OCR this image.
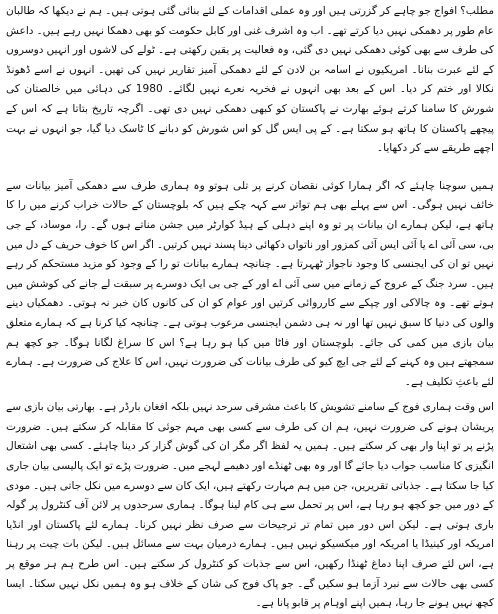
مطلب؟ افواج جو چاہے کر گزرتی ہیں اور وہ عملی اقدامات کے لئے بنائی گئی ہوتی ہیں۔ ہم نے دیکھا کہ طالبان عام طور پر دھمکی نہیں دیا کرتے تھے۔ اب وہ اشرف غنی اور کابل حکومت کو بھی دھمکا نہیں رہے ہیں۔ داعش کی طرف سے بھی کوئی دھمکی نہیں دی گئی، وہ فعالیت پر یقین رکھتی ہے۔ ٹولے کی لاشوں اور انہیں دوسروں کے لئے عبرت بنانا۔ امریکیوں نے اسامہ بن لادن کے لئے دھمکی آمیز تقاریر نہیں کی تھیں۔ انہوں نے اسے ڈھونڈ نکالا اور ختم کر دیا۔ اس کے بعد بھی انہوں نے فخریہ نعرے نہیں لگائے۔ 1980 کی دہائی میں خالصتان کی شورش کا سامنا کرتے ہوئے بھارت نے پاکستان کو کبھی دھمکی نہیں دی تھی۔ اگرچہ تاریخ بتاتا ہے کہ اس کے پیچھے پاکستان کا ہاتھ ہو سکتا ہے۔ کے پی ایس گل کو اس شورش کو دبانے کا ٹاسک دیا گیا، جو انہوں نے بہت اچھے طریقے سے کر دکھایا۔

ہمیں سوچنا چاہئے کہ اگر ہمارا کوئی نقصان کرنے پر تلی ہوتو وہ ہماری طرف سے دھمکی آمیز بیانات سے خائف نہیں ہوگی۔ اس سے پہلے بھی ہم تواتر سے کہہ چکے ہیں کہ بلوچستان کے حالات خراب کرنے میں را کا ہاتھ ہے، لیکن ہمارے ان بیانات پر تو وہ اپنے دہلی کے ہیڈ کوارٹر میں جشن مناتے ہوں گے۔ را، موساد، کے جی بی، سی آئی اے یا آئی ایس آئی کمزور اور ناتواں دکھائی دینا پسند نہیں کرتیں۔ اگر اس کا خوف حریف کے دل میں نہیں تو ان کی ایجنسی کا وجود ناجواز ٹھہرتا ہے۔ چنانچہ ہمارے بیانات تو را کے وجود کو مزید مستحکم کر رہے ہیں۔ سرد جنگ کے عروج کے زمانے میں سی آئی اے اور کے جی بی ایک دوسرے پر سبقت لے جانے کی کوشش میں ہوتے تھے۔ وہ چالاکی اور چپکے سے کارروائی کرتیں اور عوام کو ان کی کانوں کان خبر نہ ہوتی۔ دھمکیاں دینے والوں کی دنیا کا سبق نہیں تھا اور نہ ہی دشمن ایجنسی مرعوب ہوتی ہے۔ چنانچہ کیا کرنا ہے کہ ہمارے متعلق بیان بازی میں کمی کی جائے۔ بلوچستان اور فاٹا میں کیا ہو رہا ہے؟ اس کا سراغ لگانا ہوگا۔ جو کچھ ہم سمجھتے ہیں وہ کہنے کے لئے جی ایچ کیو کی طرف بیانات کی ضرورت نہیں، اس کا علاج کی ضرورت ہے۔ ہمارے لئے باعثِ تکلیف ہے۔

اس وقت ہماری فوج کے سامنے تشویش کا باعث مشرقی سرحد نہیں بلکہ افغان بارڈر ہے۔ بھارتی بیان بازی سے پریشان ہونے کی ضرورت نہیں، ہم ان کی طرف سے کسی بھی مہم جوئی کا مقابلہ کر سکتے ہیں۔ ضرورت پڑنے پر تو اپنا وار بھی کر سکتے ہیں۔ ہمیں یہ لفظ اگر مگر ان کی گوش گزار کر دینا چاہئے۔ کسی بھی اشتعال انگیزی کا مناسب جواب دیا جائے گا اور وہ بھی ٹھنڈے اور دھیمے لہجے میں۔ ضرورت پڑے تو ایک پالیسی بیان جاری کیا جا سکتا ہے۔ جذباتی تقریریں، جن میں ہم مہارت رکھتے ہیں، ایک کان سے دوسرے میں نکل جاتی ہیں۔ مودی کے دور میں جو کچھ ہو رہا ہے، اس پر تحمل سے ہی کام لینا ہوگا۔ ہماری سرحدوں پر لائن آف کنٹرول پر گولہ باری ہوتی ہے۔ لیکن اس دور میں تمام تر ترجیحات سے صرف نظر نہیں کرنا۔ ہمارے لئے پاکستان اور انڈیا امریکہ اور کینیڈا یا امریکہ اور میکسیکو نہیں ہیں۔ ہمارے درمیان بہت سے مسائل ہیں۔ لیکن بات چیت پر رہنا ہے، اس لئے صرف اپنا دماغ ٹھنڈا رکھیں، اس سے جذبات کو کنٹرول کر سکتے ہیں۔ اس طرح ہم ہر موقع پر کسی بھی حالات سے نبرد آزما ہو سکیں گے۔ جو پاک فوج کی شان کے خلاف ہو وہ ہمیں نکل نہیں سکتا۔ ایسا کچھ نہیں ہونے جا رہا، ہمیں اپنے اوہام پر قابو پانا ہے۔
